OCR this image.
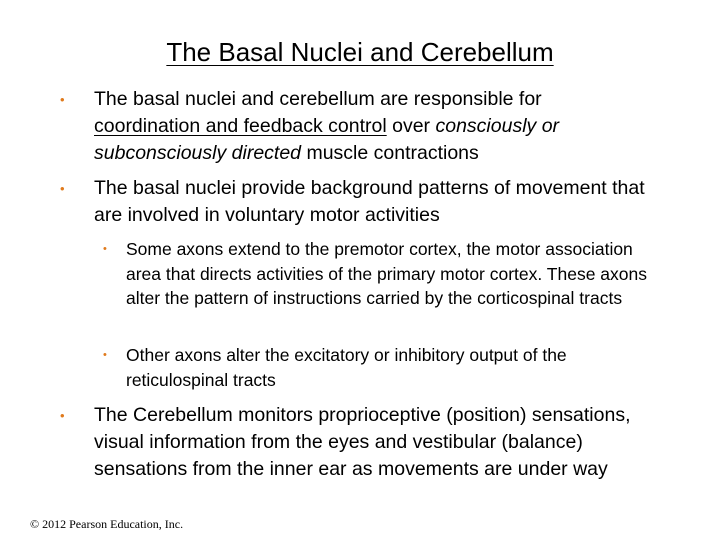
The Basal Nuclei and Cerebellum
• The basal nuclei and cerebellum are responsible for
coordination and feedback control over consciously or subconsciously directed muscle contractions
• The basal nuclei provide background patterns of movement that are involved in voluntary motor activities
• Some axons extend to the premotor cortex, the motor association area that directs activities of the primary motor cortex. These axons alter the pattern of instructions carried by the corticospinal tracts
• Other axons alter the excitatory or inhibitory output of the reticulospinal tracts
• The Cerebellum monitors proprioceptive (position) sensations, visual information from the eyes and vestibular (balance) sensations from the inner ear as movements are under way
© 2012 Pearson Education, Inc.
